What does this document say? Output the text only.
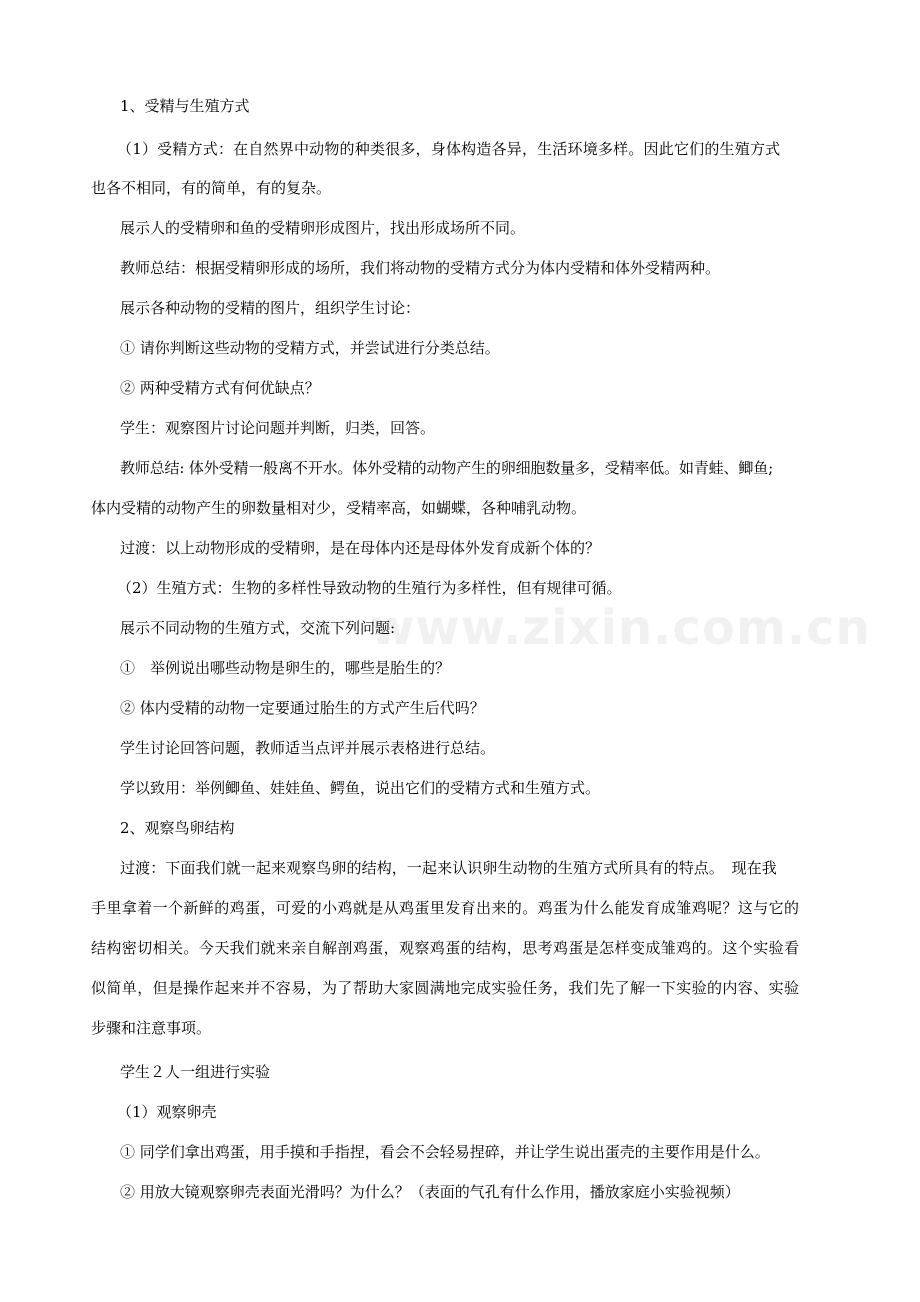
www.zixin.com.cn
1、受精与生殖方式
（1）受精方式：在自然界中动物的种类很多，身体构造各异，生活环境多样。因此它们的生殖方式
也各不相同，有的简单，有的复杂。
展示人的受精卵和鱼的受精卵形成图片，找出形成场所不同。
教师总结：根据受精卵形成的场所，我们将动物的受精方式分为体内受精和体外受精两种。
展示各种动物的受精的图片，组织学生讨论：
① 请你判断这些动物的受精方式，并尝试进行分类总结。
② 两种受精方式有何优缺点？
学生：观察图片讨论问题并判断，归类，回答。
教师总结: 体外受精一般离不开水。体外受精的动物产生的卵细胞数量多，受精率低。如青蛙、鲫鱼;
体内受精的动物产生的卵数量相对少，受精率高，如蝴蝶，各种哺乳动物。
过渡：以上动物形成的受精卵，是在母体内还是母体外发育成新个体的？
（2）生殖方式：生物的多样性导致动物的生殖行为多样性，但有规律可循。
展示不同动物的生殖方式，交流下列问题:
①　举例说出哪些动物是卵生的，哪些是胎生的？
② 体内受精的动物一定要通过胎生的方式产生后代吗？
学生讨论回答问题，教师适当点评并展示表格进行总结。
学以致用：举例鲫鱼、娃娃鱼、鳄鱼，说出它们的受精方式和生殖方式。
2、观察鸟卵结构
过渡：下面我们就一起来观察鸟卵的结构，一起来认识卵生动物的生殖方式所具有的特点。　现在我
手里拿着一个新鲜的鸡蛋，可爱的小鸡就是从鸡蛋里发育出来的。鸡蛋为什么能发育成雏鸡呢？这与它的
结构密切相关。今天我们就来亲自解剖鸡蛋，观察鸡蛋的结构，思考鸡蛋是怎样变成雏鸡的。这个实验看
似简单，但是操作起来并不容易，为了帮助大家圆满地完成实验任务，我们先了解一下实验的内容、实验
步骤和注意事项。
学生２人一组进行实验
（1）观察卵壳
① 同学们拿出鸡蛋，用手摸和手指捏，看会不会轻易捏碎，并让学生说出蛋壳的主要作用是什么。
② 用放大镜观察卵壳表面光滑吗？为什么？（表面的气孔有什么作用，播放家庭小实验视频）
